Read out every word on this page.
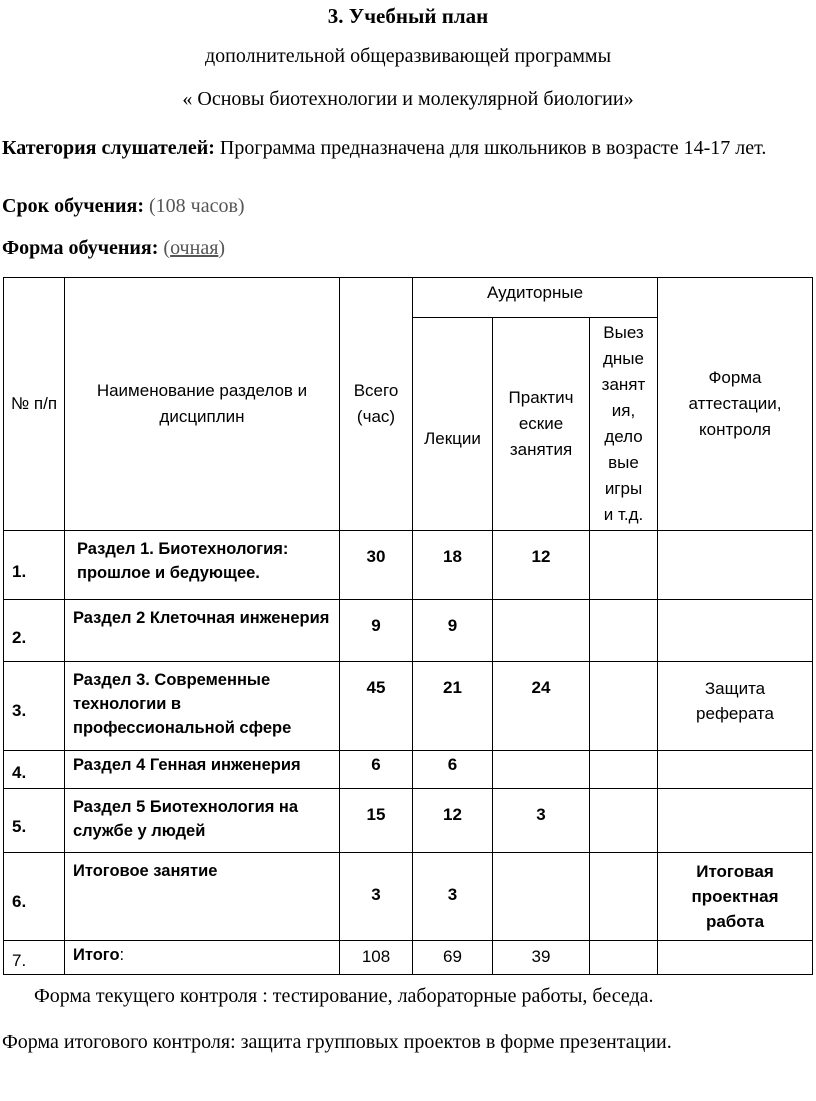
3. Учебный план
дополнительной общеразвивающей программы
« Основы биотехнологии и молекулярной биологии»
Категория слушателей: Программа предназначена для школьников в возрасте 14-17 лет.
Срок обучения: (108 часов)
Форма обучения: (очная)
№ п/п	Наименование разделов и дисциплин	Всего (час)	Аудиторные			Форма аттестации, контроля
			Лекции	Практич еские занятия	Выез дные занят ия, дело вые игры и т.д.	
1.	Раздел 1. Биотехнология: прошлое и бедующее.	30	18	12		
2.	Раздел 2 Клеточная инженерия	9	9			
3.	Раздел 3. Современные технологии в профессиональной сфере	45	21	24		Защита реферата
4.	Раздел 4 Генная инженерия	6	6			
5.	Раздел 5 Биотехнология на службе у людей	15	12	3		
6.	Итоговое занятие	3	3			Итоговая проектная работа
7.	Итого:	108	69	39		
Форма текущего контроля : тестирование, лабораторные работы, беседа.
Форма итогового контроля: защита групповых проектов в форме презентации.
